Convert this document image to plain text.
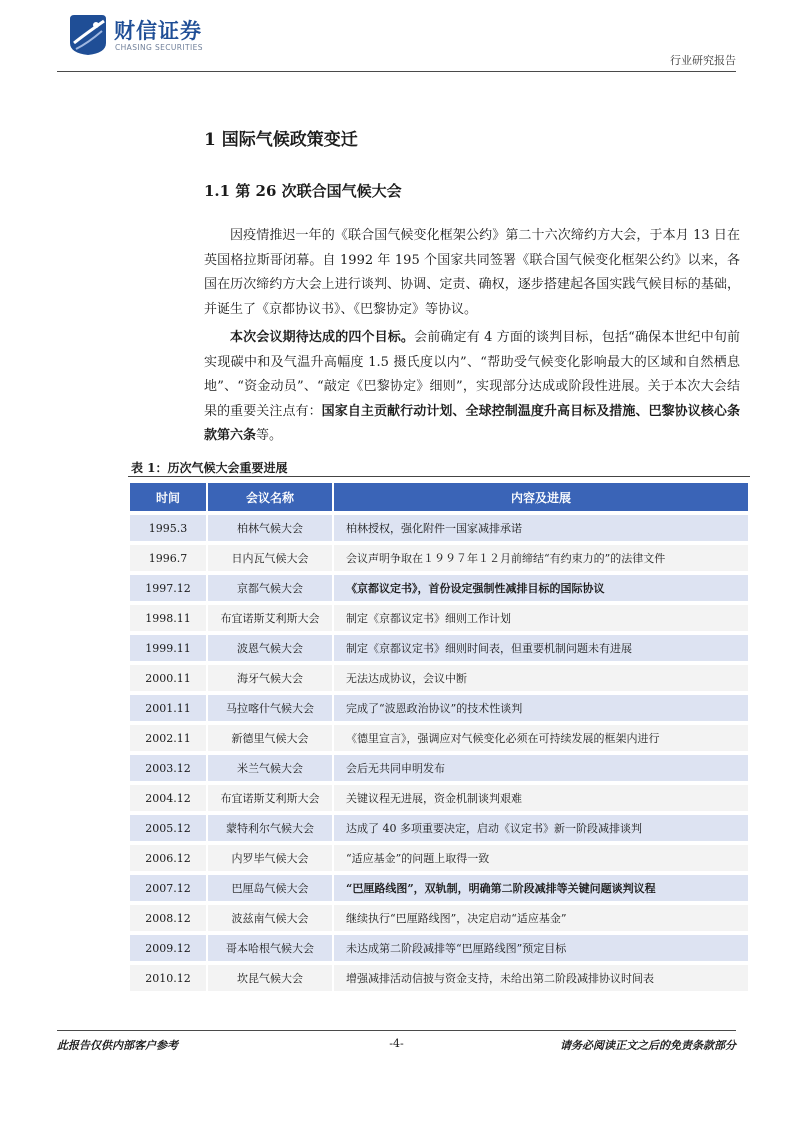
财信证券
CHASING SECURITIES
行业研究报告
1 国际气候政策变迁
1.1 第 26 次联合国气候大会

因疫情推迟一年的《联合国气候变化框架公约》第二十六次缔约方大会，于本月 13 日在英国格拉斯哥闭幕。自 1992 年 195 个国家共同签署《联合国气候变化框架公约》以来，各国在历次缔约方大会上进行谈判、协调、定责、确权，逐步搭建起各国实践气候目标的基础，并诞生了《京都协议书》、《巴黎协定》等协议。

本次会议期待达成的四个目标。会前确定有 4 方面的谈判目标，包括“确保本世纪中旬前实现碳中和及气温升高幅度 1.5 摄氏度以内”、“帮助受气候变化影响最大的区域和自然栖息地”、“资金动员”、“敲定《巴黎协定》细则”，实现部分达成或阶段性进展。关于本次大会结果的重要关注点有：国家自主贡献行动计划、全球控制温度升高目标及措施、巴黎协议核心条款第六条等。

表 1：历次气候大会重要进展
时间	会议名称	内容及进展
1995.3	柏林气候大会	柏林授权，强化附件一国家减排承诺
1996.7	日内瓦气候大会	会议声明争取在１９９７年１２月前缔结“有约束力的”的法律文件
1997.12	京都气候大会	《京都议定书》，首份设定强制性减排目标的国际协议
1998.11	布宜诺斯艾利斯大会	制定《京都议定书》细则工作计划
1999.11	波恩气候大会	制定《京都议定书》细则时间表，但重要机制问题未有进展
2000.11	海牙气候大会	无法达成协议，会议中断
2001.11	马拉喀什气候大会	完成了“波恩政治协议”的技术性谈判
2002.11	新德里气候大会	《德里宣言》，强调应对气候变化必须在可持续发展的框架内进行
2003.12	米兰气候大会	会后无共同申明发布
2004.12	布宜诺斯艾利斯大会	关键议程无进展，资金机制谈判艰难
2005.12	蒙特利尔气候大会	达成了 40 多项重要决定，启动《议定书》新一阶段减排谈判
2006.12	内罗毕气候大会	“适应基金”的问题上取得一致
2007.12	巴厘岛气候大会	“巴厘路线图”，双轨制，明确第二阶段减排等关键问题谈判议程
2008.12	波兹南气候大会	继续执行“巴厘路线图”，决定启动“适应基金”
2009.12	哥本哈根气候大会	未达成第二阶段减排等“巴厘路线图”预定目标
2010.12	坎昆气候大会	增强减排活动信披与资金支持，未给出第二阶段减排协议时间表
此报告仅供内部客户参考	-4-	请务必阅读正文之后的免责条款部分
